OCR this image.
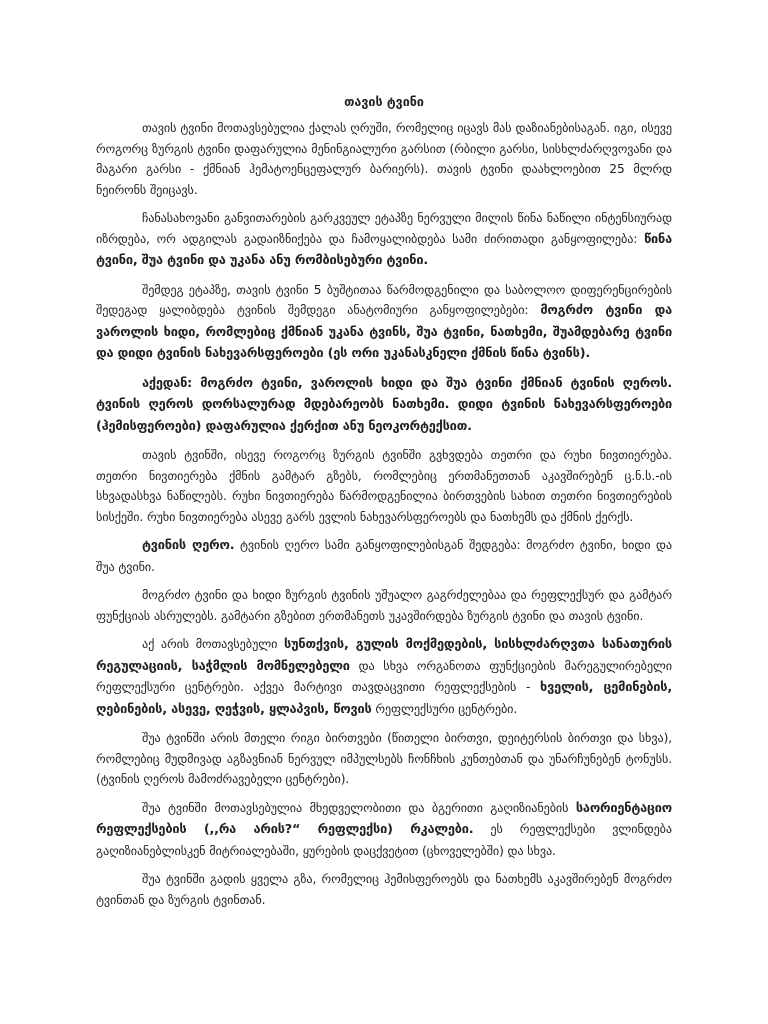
თავის ტვინი

თავის ტვინი მოთავსებულია ქალას ღრუში, რომელიც იცავს მას დაზიანებისაგან. იგი, ისევე როგორც ზურგის ტვინი დაფარულია მენინგიალური გარსით (რბილი გარსი, სისხლძარღვოვანი და მაგარი გარსი - ქმნიან ჰემატოენცეფალურ ბარიერს). თავის ტვინი დაახლოებით 25 მლრდ ნეირონს შეიცავს.

ჩანასახოვანი განვითარების გარკვეულ ეტაპზე ნერვული მილის წინა ნაწილი ინტენსიურად იზრდება, ორ ადგილას გადაიზნიქება და ჩამოყალიბდება სამი ძირითადი განყოფილება: წინა ტვინი, შუა ტვინი და უკანა ანუ რომბისებური ტვინი.

შემდეგ ეტაპზე, თავის ტვინი 5 ბუშტითაა წარმოდგენილი და საბოლოო დიფერენცირების შედეგად ყალიბდება ტვინის შემდეგი ანატომიური განყოფილებები: მოგრძო ტვინი და ვაროლის ხიდი, რომლებიც ქმნიან უკანა ტვინს, შუა ტვინი, ნათხემი, შუამდებარე ტვინი და დიდი ტვინის ნახევარსფეროები (ეს ორი უკანასკნელი ქმნის წინა ტვინს).

აქედან: მოგრძო ტვინი, ვაროლის ხიდი და შუა ტვინი ქმნიან ტვინის ღეროს. ტვინის ღეროს დორსალურად მდებარეობს ნათხემი. დიდი ტვინის ნახევარსფეროები (ჰემისფეროები) დაფარულია ქერქით ანუ ნეოკორტექსით.

თავის ტვინში, ისევე როგორც ზურგის ტვინში გვხვდება თეთრი და რუხი ნივთიერება. თეთრი ნივთიერება ქმნის გამტარ გზებს, რომლებიც ერთმანეთთან აკავშირებენ ც.ნ.ს.-ის სხვადასხვა ნაწილებს. რუხი ნივთიერება წარმოდგენილია ბირთვების სახით თეთრი ნივთიერების სისქეში. რუხი ნივთიერება ასევე გარს ევლის ნახევარსფეროებს და ნათხემს და ქმნის ქერქს.

ტვინის ღერო. ტვინის ღერო სამი განყოფილებისგან შედგება: მოგრძო ტვინი, ხიდი და შუა ტვინი.

მოგრძო ტვინი და ხიდი ზურგის ტვინის უშუალო გაგრძელებაა და რეფლექსურ და გამტარ ფუნქციას ასრულებს. გამტარი გზებით ერთმანეთს უკავშირდება ზურგის ტვინი და თავის ტვინი.

აქ არის მოთავსებული სუნთქვის, გულის მოქმედების, სისხლძარღვთა სანათურის რეგულაციის, საჭმლის მომნელებელი და სხვა ორგანოთა ფუნქციების მარეგულირებელი რეფლექსური ცენტრები. აქვეა მარტივი თავდაცვითი რეფლექსების - ხველის, ცემინების, ღებინების, ასევე, ღეჭვის, ყლაპვის, წოვის რეფლექსური ცენტრები.

შუა ტვინში არის მთელი რიგი ბირთვები (წითელი ბირთვი, დეიტერსის ბირთვი და სხვა), რომლებიც მუდმივად აგზავნიან ნერვულ იმპულსებს ჩონჩხის კუნთებთან და უნარჩუნებენ ტონუსს. (ტვინის ღეროს მამოძრავებელი ცენტრები).

შუა ტვინში მოთავსებულია მხედველობითი და ბგერითი გაღიზიანების საორიენტაციო რეფლექსების (,,რა არის?“ რეფლექსი) რკალები. ეს რეფლექსები ვლინდება გაღიზიანებლისკენ მიტრიალებაში, ყურების დაცქვეტით (ცხოველებში) და სხვა.

შუა ტვინში გადის ყველა გზა, რომელიც ჰემისფეროებს და ნათხემს აკავშირებენ მოგრძო ტვინთან და ზურგის ტვინთან.
